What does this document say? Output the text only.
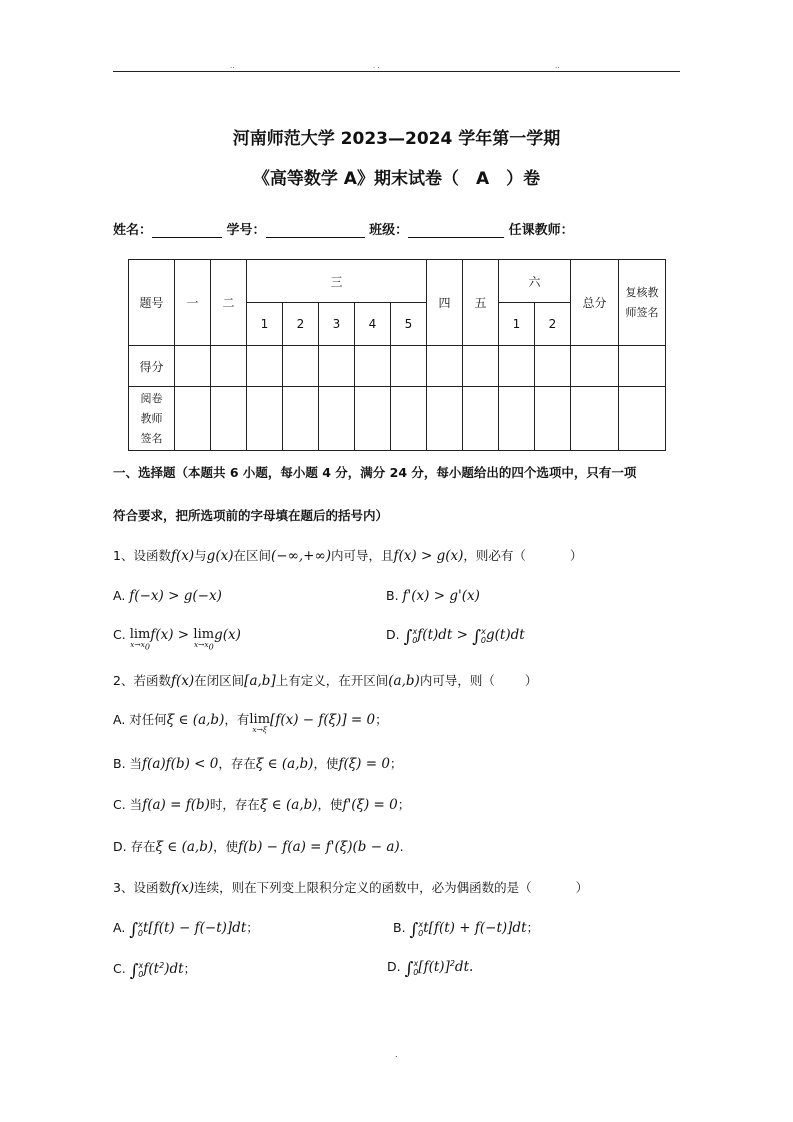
..	. .	..
河南师范大学 2023—2024 学年第一学期
《高等数学 A》期末试卷（　A　）卷
姓名：	学号：	班级：	任课教师：
题号	一	二	三					四	五	六		总分	复核教师签名
			1	2	3	4	5			1	2		
得分													
阅卷教师签名													
一、选择题（本题共 6 小题，每小题 4 分，满分 24 分，每小题给出的四个选项中，只有一项
符合要求，把所选项前的字母填在题后的括号内）
1、设函数f(x)与g(x)在区间(−∞,+∞)内可导，且f(x) > g(x)，则必有（	）
A. f(−x) > g(−x)	B. f'(x) > g'(x)
C. lim
$x\to x_0$
f(x) > lim
$x\to x_0$
g(x)	D. ∫$^x_0$f(t)dt > ∫$^x_0$g(t)dt
2、若函数f(x)在闭区间[a,b]上有定义，在开区间(a,b)内可导，则（ ）
A. 对任何ξ ∈ (a,b)，有 lim
x→ξ
[f(x) − f(ξ)] = 0；
B. 当f(a)f(b) < 0，存在ξ ∈ (a,b)，使f(ξ) = 0；
C. 当f(a) = f(b)时，存在ξ ∈ (a,b)，使f'(ξ) = 0；
D. 存在ξ ∈ (a,b)，使f(b) − f(a) = f'(ξ)(b − a).
3、设函数f(x)连续，则在下列变上限积分定义的函数中，必为偶函数的是（	）
A. ∫$^x_0$t[f(t) − f(−t)]dt；	B. ∫$^x_0$t[f(t) + f(−t)]dt；
C. $\int^x_0f(t^2)dt$；	D. $\int^x_0[f(t)]^2dt$.
.
